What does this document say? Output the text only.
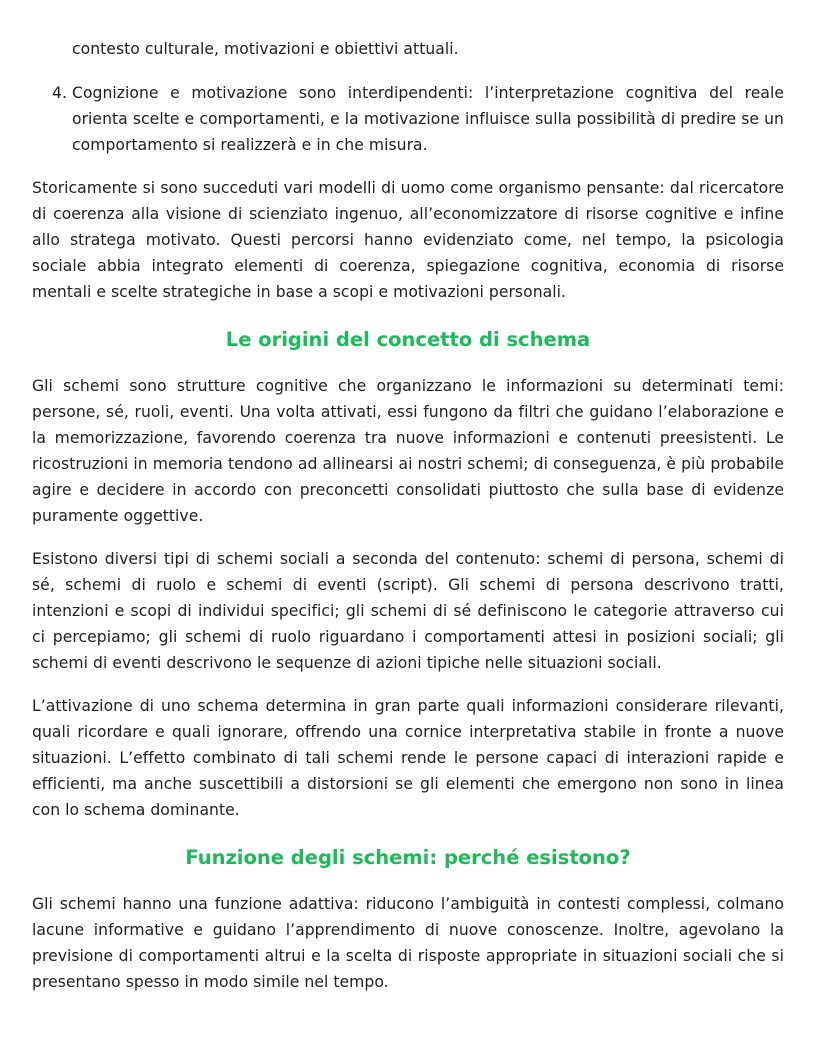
contesto culturale, motivazioni e obiettivi attuali.

4. Cognizione e motivazione sono interdipendenti: l’interpretazione cognitiva del reale orienta scelte e comportamenti, e la motivazione influisce sulla possibilità di predire se un comportamento si realizzerà e in che misura.

Storicamente si sono succeduti vari modelli di uomo come organismo pensante: dal ricercatore di coerenza alla visione di scienziato ingenuo, all’economizzatore di risorse cognitive e infine allo stratega motivato. Questi percorsi hanno evidenziato come, nel tempo, la psicologia sociale abbia integrato elementi di coerenza, spiegazione cognitiva, economia di risorse mentali e scelte strategiche in base a scopi e motivazioni personali.

Le origini del concetto di schema

Gli schemi sono strutture cognitive che organizzano le informazioni su determinati temi: persone, sé, ruoli, eventi. Una volta attivati, essi fungono da filtri che guidano l’elaborazione e la memorizzazione, favorendo coerenza tra nuove informazioni e contenuti preesistenti. Le ricostruzioni in memoria tendono ad allinearsi ai nostri schemi; di conseguenza, è più probabile agire e decidere in accordo con preconcetti consolidati piuttosto che sulla base di evidenze puramente oggettive.

Esistono diversi tipi di schemi sociali a seconda del contenuto: schemi di persona, schemi di sé, schemi di ruolo e schemi di eventi (script). Gli schemi di persona descrivono tratti, intenzioni e scopi di individui specifici; gli schemi di sé definiscono le categorie attraverso cui ci percepiamo; gli schemi di ruolo riguardano i comportamenti attesi in posizioni sociali; gli schemi di eventi descrivono le sequenze di azioni tipiche nelle situazioni sociali.

L’attivazione di uno schema determina in gran parte quali informazioni considerare rilevanti, quali ricordare e quali ignorare, offrendo una cornice interpretativa stabile in fronte a nuove situazioni. L’effetto combinato di tali schemi rende le persone capaci di interazioni rapide e efficienti, ma anche suscettibili a distorsioni se gli elementi che emergono non sono in linea con lo schema dominante.

Funzione degli schemi: perché esistono?

Gli schemi hanno una funzione adattiva: riducono l’ambiguità in contesti complessi, colmano lacune informative e guidano l’apprendimento di nuove conoscenze. Inoltre, agevolano la previsione di comportamenti altrui e la scelta di risposte appropriate in situazioni sociali che si presentano spesso in modo simile nel tempo.
